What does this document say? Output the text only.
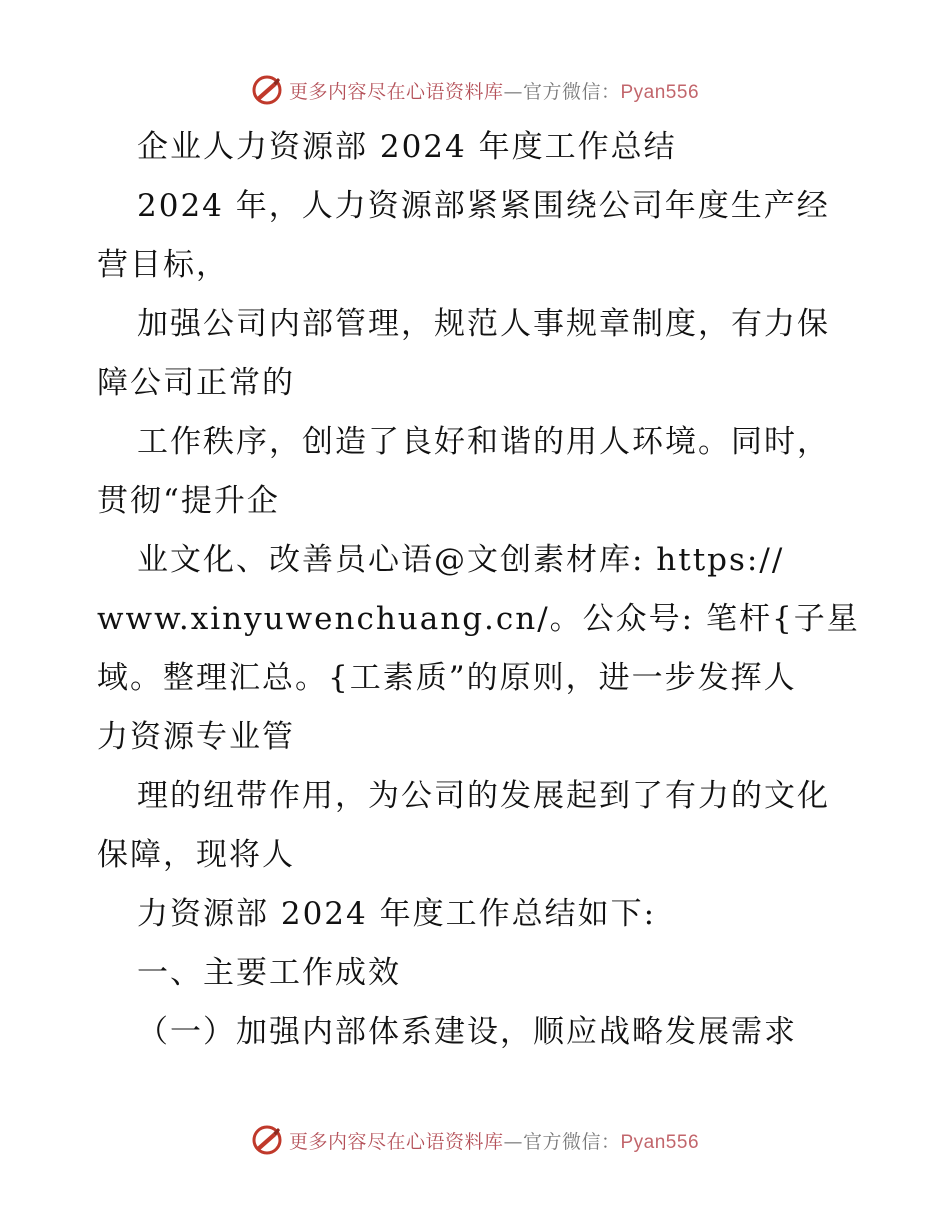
更多内容尽在心语资料库—官方微信：Pyan556
企业人力资源部 2024 年度工作总结
2024 年，人力资源部紧紧围绕公司年度生产经
营目标，
加强公司内部管理，规范人事规章制度，有力保
障公司正常的
工作秩序，创造了良好和谐的用人环境。同时，
贯彻“提升企
业文化、改善员心语@文创素材库: https://
www.xinyuwenchuang.cn/。公众号: 笔杆{子星
域。整理汇总。{工素质”的原则，进一步发挥人
力资源专业管
理的纽带作用，为公司的发展起到了有力的文化
保障，现将人
力资源部 2024 年度工作总结如下:
一、主要工作成效
（一）加强内部体系建设，顺应战略发展需求
更多内容尽在心语资料库—官方微信：Pyan556
